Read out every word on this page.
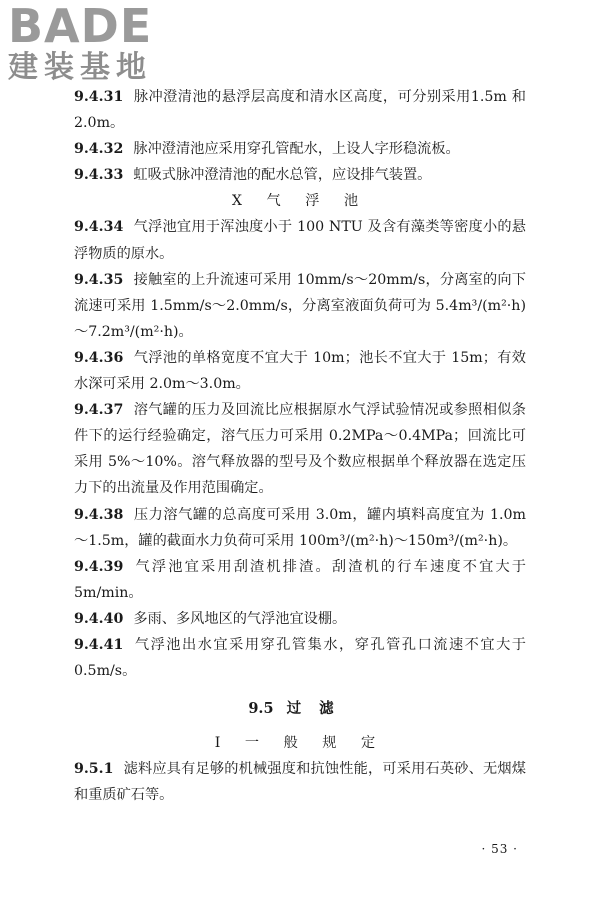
BADE
建装基地

9.4.31 脉冲澄清池的悬浮层高度和清水区高度，可分别采用1.5m 和 2.0m。

9.4.32 脉冲澄清池应采用穿孔管配水，上设人字形稳流板。

9.4.33 虹吸式脉冲澄清池的配水总管，应设排气装置。

Ⅹ 气 浮 池

9.4.34 气浮池宜用于浑浊度小于 100 NTU 及含有藻类等密度小的悬浮物质的原水。

9.4.35 接触室的上升流速可采用 10mm/s～20mm/s，分离室的向下流速可采用 1.5mm/s～2.0mm/s，分离室液面负荷可为 5.4m³/(m²·h)～7.2m³/(m²·h)。

9.4.36 气浮池的单格宽度不宜大于 10m；池长不宜大于 15m；有效水深可采用 2.0m～3.0m。

9.4.37 溶气罐的压力及回流比应根据原水气浮试验情况或参照相似条件下的运行经验确定，溶气压力可采用 0.2MPa～0.4MPa；回流比可采用 5%～10%。溶气释放器的型号及个数应根据单个释放器在选定压力下的出流量及作用范围确定。

9.4.38 压力溶气罐的总高度可采用 3.0m，罐内填料高度宜为 1.0m～1.5m，罐的截面水力负荷可采用 100m³/(m²·h)～150m³/(m²·h)。

9.4.39 气浮池宜采用刮渣机排渣。刮渣机的行车速度不宜大于 5m/min。

9.4.40 多雨、多风地区的气浮池宜设棚。

9.4.41 气浮池出水宜采用穿孔管集水，穿孔管孔口流速不宜大于 0.5m/s。

9.5 过滤
Ⅰ 一 般 规 定

9.5.1 滤料应具有足够的机械强度和抗蚀性能，可采用石英砂、无烟煤和重质矿石等。

· 53 ·
